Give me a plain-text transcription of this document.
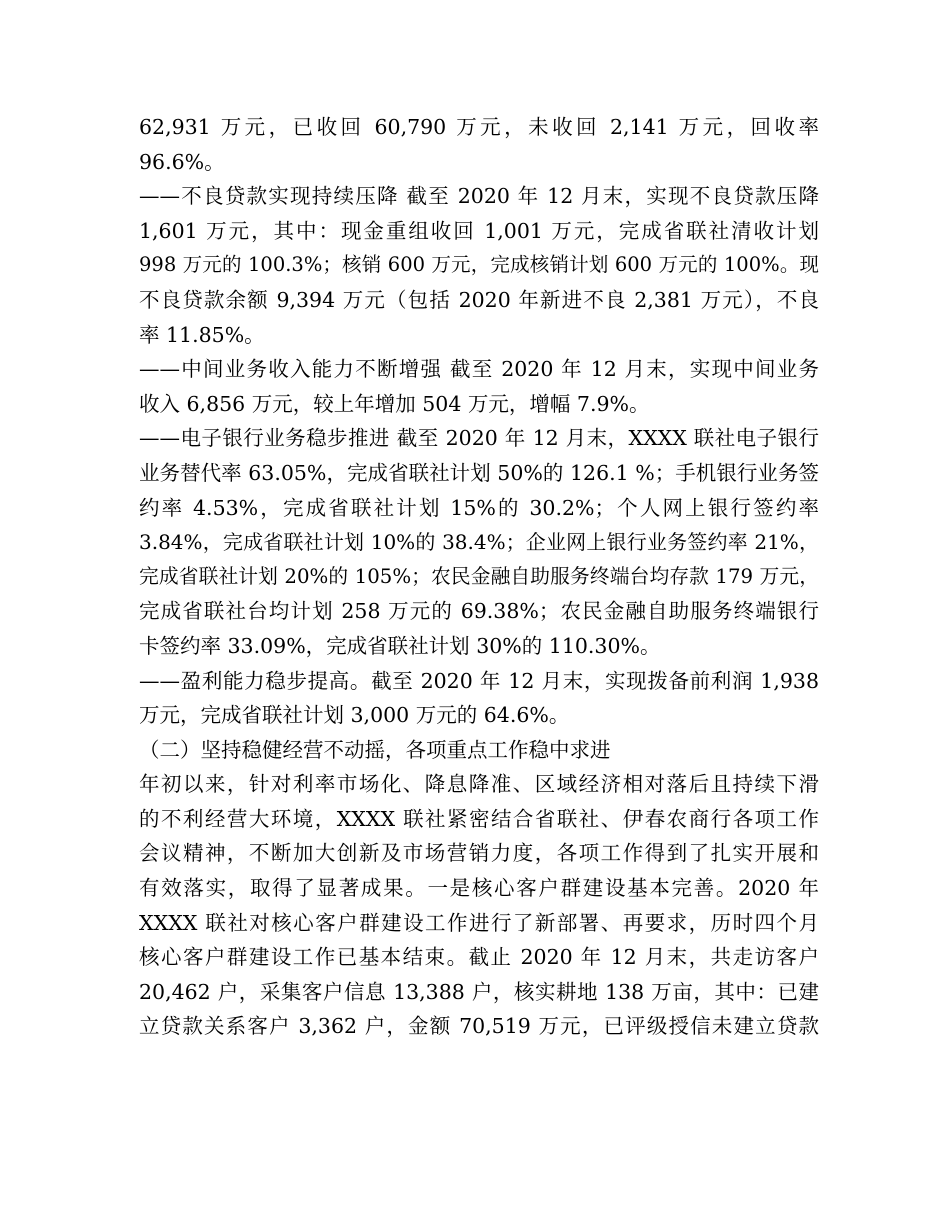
62,931 万元，已收回 60,790 万元，未收回 2,141 万元，回收率
96.6%。
——不良贷款实现持续压降 截至 2020 年 12 月末，实现不良贷款压降
1,601 万元，其中：现金重组收回 1,001 万元，完成省联社清收计划
998 万元的 100.3%；核销 600 万元，完成核销计划 600 万元的 100%。现
不良贷款余额 9,394 万元（包括 2020 年新进不良 2,381 万元），不良
率 11.85%。
——中间业务收入能力不断增强 截至 2020 年 12 月末，实现中间业务
收入 6,856 万元，较上年增加 504 万元，增幅 7.9%。
——电子银行业务稳步推进 截至 2020 年 12 月末，XXXX 联社电子银行
业务替代率 63.05%，完成省联社计划 50%的 126.1 %；手机银行业务签
约率 4.53%，完成省联社计划 15%的 30.2%；个人网上银行签约率
3.84%，完成省联社计划 10%的 38.4%；企业网上银行业务签约率 21%，
完成省联社计划 20%的 105%；农民金融自助服务终端台均存款 179 万元，
完成省联社台均计划 258 万元的 69.38%；农民金融自助服务终端银行
卡签约率 33.09%，完成省联社计划 30%的 110.30%。
——盈利能力稳步提高。截至 2020 年 12 月末，实现拨备前利润 1,938
万元，完成省联社计划 3,000 万元的 64.6%。
（二）坚持稳健经营不动摇，各项重点工作稳中求进
年初以来，针对利率市场化、降息降准、区域经济相对落后且持续下滑
的不利经营大环境，XXXX 联社紧密结合省联社、伊春农商行各项工作
会议精神，不断加大创新及市场营销力度，各项工作得到了扎实开展和
有效落实，取得了显著成果。一是核心客户群建设基本完善。2020 年
XXXX 联社对核心客户群建设工作进行了新部署、再要求，历时四个月
核心客户群建设工作已基本结束。截止 2020 年 12 月末，共走访客户
20,462 户，采集客户信息 13,388 户，核实耕地 138 万亩，其中：已建
立贷款关系客户 3,362 户，金额 70,519 万元，已评级授信未建立贷款
